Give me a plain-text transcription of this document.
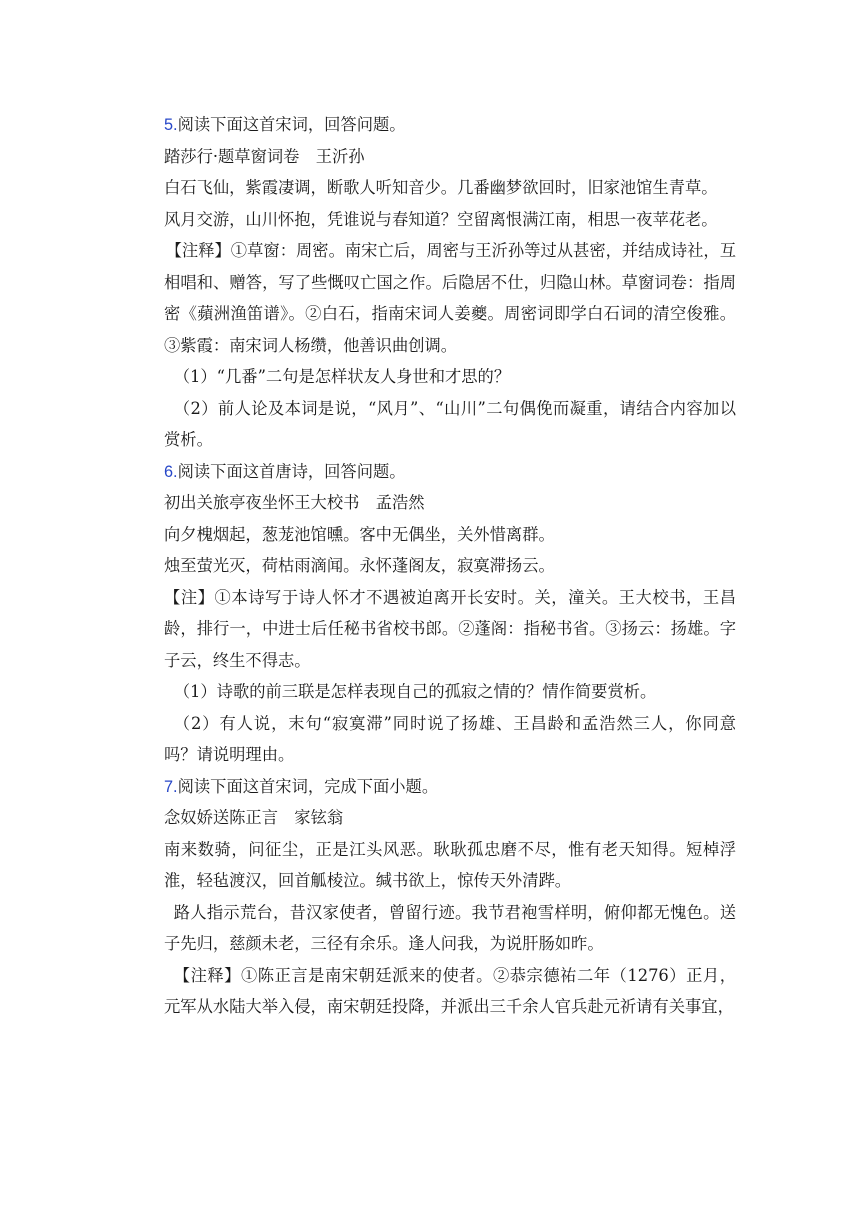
5.阅读下面这首宋词，回答问题。
踏莎行·题草窗词卷　王沂孙
白石飞仙，紫霞凄调，断歌人听知音少。几番幽梦欲回时，旧家池馆生青草。
风月交游，山川怀抱，凭谁说与春知道？空留离恨满江南，相思一夜苹花老。

【注释】①草窗：周密。南宋亡后，周密与王沂孙等过从甚密，并结成诗社，互相唱和、赠答，写了些慨叹亡国之作。后隐居不仕，归隐山林。草窗词卷：指周密《蘋洲渔笛谱》。②白石，指南宋词人姜夔。周密词即学白石词的清空俊雅。③紫霞：南宋词人杨缵，他善识曲创调。

（1）“几番”二句是怎样状友人身世和才思的？

（2）前人论及本词是说，“风月”、“山川”二句偶俛而凝重，请结合内容加以赏析。

6.阅读下面这首唐诗，回答问题。
初出关旅亭夜坐怀王大校书　孟浩然
向夕槐烟起，葱茏池馆曛。客中无偶坐，关外惜离群。
烛至萤光灭，荷枯雨滴闻。永怀蓬阁友，寂寞滞扬云。

【注】①本诗写于诗人怀才不遇被迫离开长安时。关，潼关。王大校书，王昌龄，排行一，中进士后任秘书省校书郎。②蓬阁：指秘书省。③扬云：扬雄。字子云，终生不得志。

（1）诗歌的前三联是怎样表现自己的孤寂之情的？情作简要赏析。

（2）有人说，末句“寂寞滞”同时说了扬雄、王昌龄和孟浩然三人，你同意吗？请说明理由。

7.阅读下面这首宋词，完成下面小题。
念奴娇送陈正言　家铉翁

南来数骑，问征尘，正是江头风恶。耿耿孤忠磨不尽，惟有老天知得。短棹浮淮，轻毡渡汉，回首觚棱泣。缄书欲上，惊传天外清跸。

路人指示荒台，昔汉家使者，曾留行迹。我节君袍雪样明，俯仰都无愧色。送子先归，慈颜未老，三径有余乐。逢人问我，为说肝肠如昨。

【注释】①陈正言是南宋朝廷派来的使者。②恭宗德祐二年（1276）正月，元军从水陆大举入侵，南宋朝廷投降，并派出三千余人官兵赴元祈请有关事宜，
